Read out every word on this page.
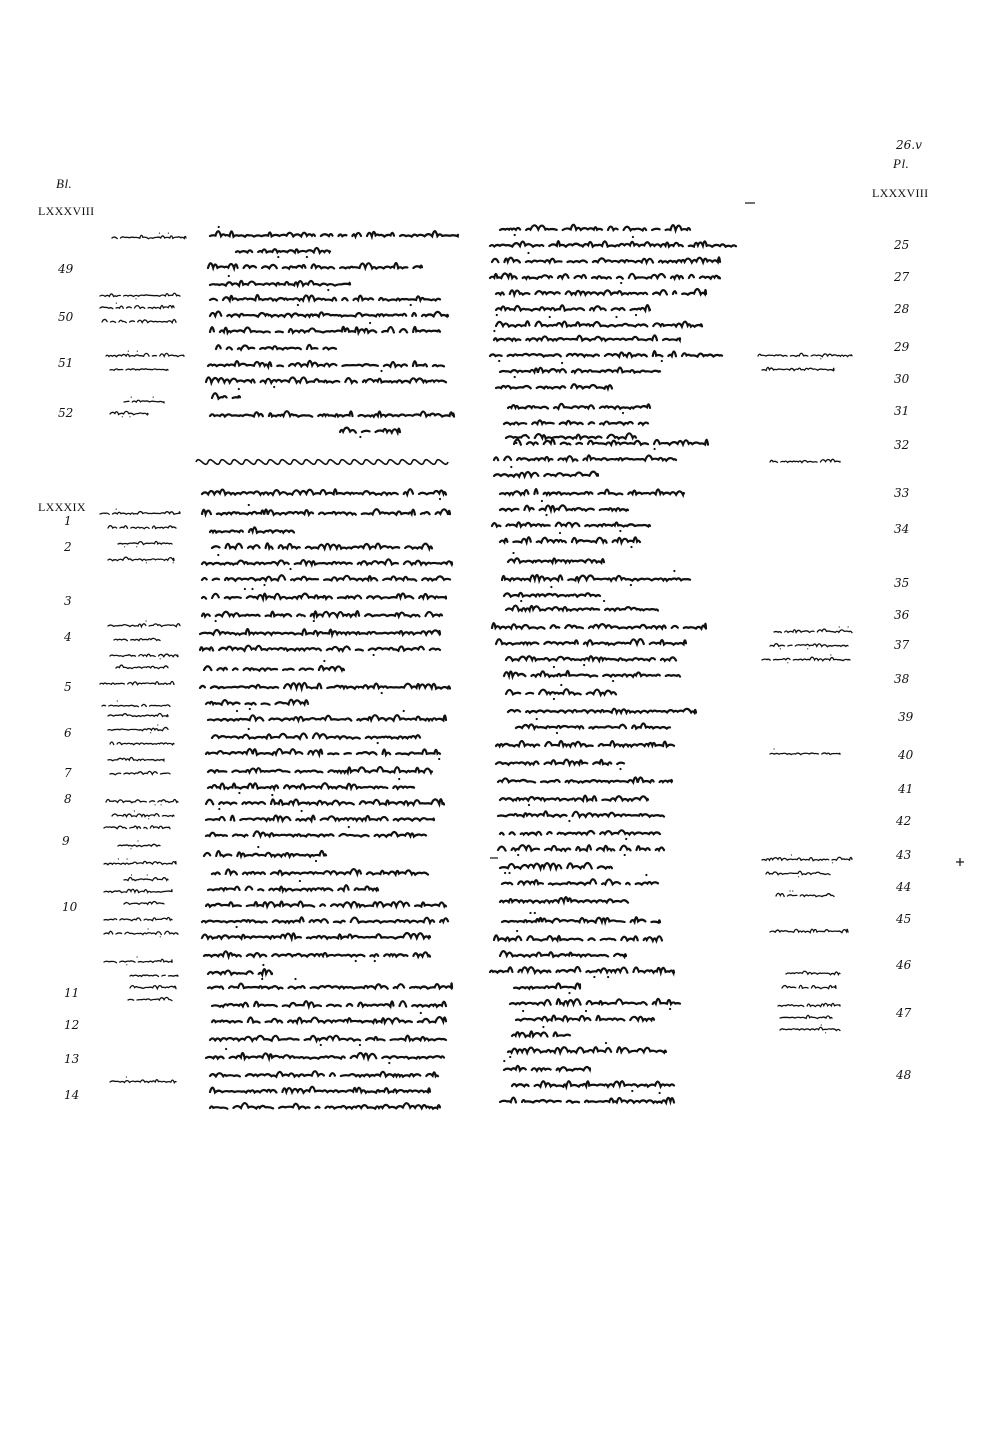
26.v
Pl.
LXXXVIII
Bl.
LXXXVIII
LXXXIX
49
50
51
52
1
2
3
4
5
6
7
8
9
10
11
12
13
14
25
27
28
29
30
31
32
33
34
35
36
37
38
39
40
41
42
43
44
45
46
47
48
